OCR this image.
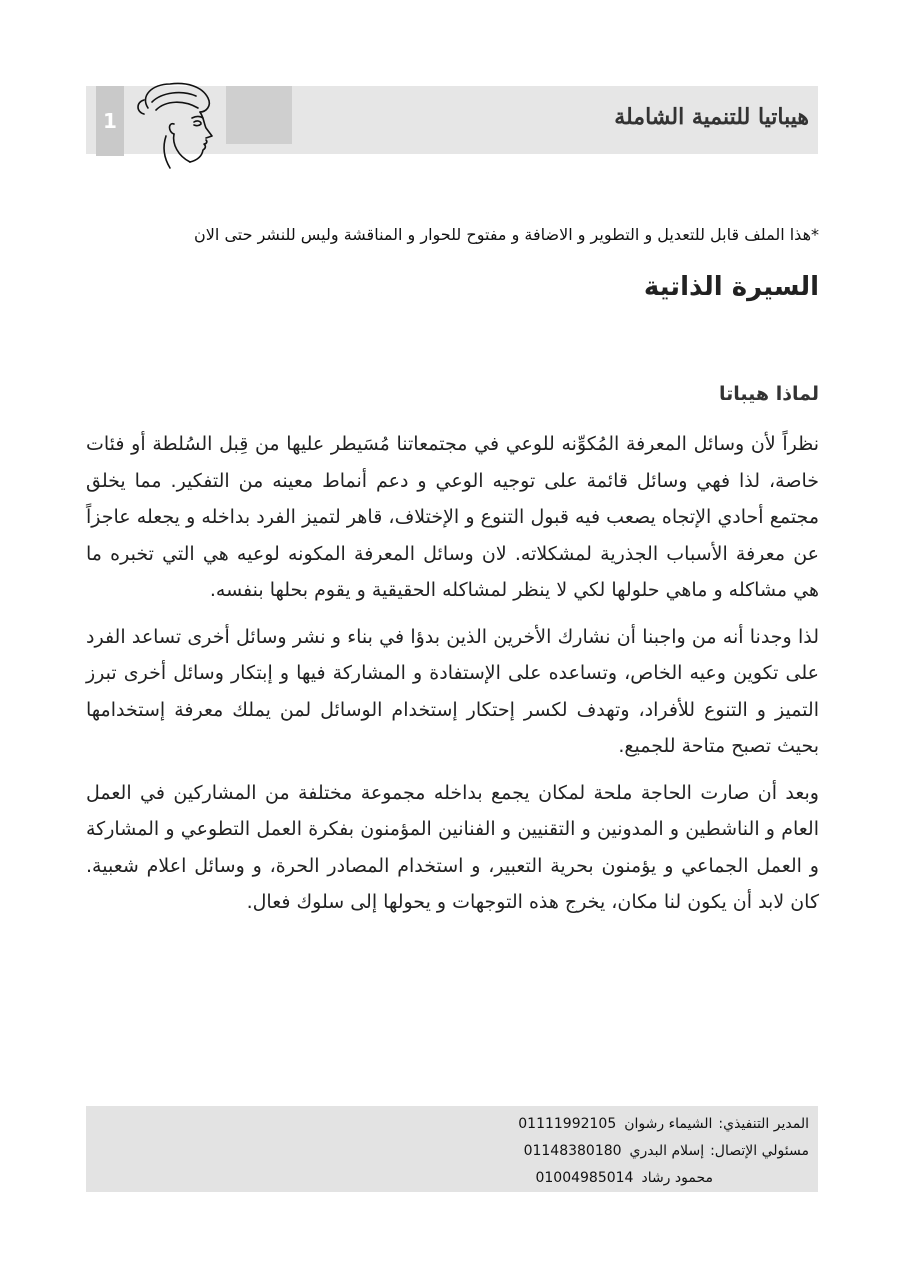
1	هيباتيا للتنمية الشاملة
*هذا الملف قابل للتعديل و التطوير و الاضافة و مفتوح للحوار و المناقشة وليس للنشر حتى الان
السيرة الذاتية
لماذا هيباتا

نظراً لأن وسائل المعرفة المُكوِّنه للوعي في مجتمعاتنا مُسَيطر عليها من قِبل السُلطة أو فئات خاصة، لذا فهي وسائل قائمة على توجيه الوعي و دعم أنماط معينه من التفكير. مما يخلق مجتمع أحادي الإتجاه يصعب فيه قبول التنوع و الإختلاف، قاهر لتميز الفرد بداخله و يجعله عاجزاً عن معرفة الأسباب الجذرية لمشكلاته. لان وسائل المعرفة المكونه لوعيه هي التي تخبره ما هي مشاكله و ماهي حلولها لكي لا ينظر لمشاكله الحقيقية و يقوم بحلها بنفسه.

لذا وجدنا أنه من واجبنا أن نشارك الأخرين الذين بدؤا في بناء و نشر وسائل أخرى تساعد الفرد على تكوين وعيه الخاص، وتساعده على الإستفادة و المشاركة فيها و إبتكار وسائل أخرى تبرز التميز و التنوع للأفراد، وتهدف لكسر إحتكار إستخدام الوسائل لمن يملك معرفة إستخدامها بحيث تصبح متاحة للجميع.

وبعد أن صارت الحاجة ملحة لمكان يجمع بداخله مجموعة مختلفة من المشاركين في العمل العام و الناشطين و المدونين و التقنيين و الفنانين المؤمنون بفكرة العمل التطوعي و المشاركة و العمل الجماعي و يؤمنون بحرية التعبير، و استخدام المصادر الحرة، و وسائل اعلام شعبية. كان لابد أن يكون لنا مكان، يخرج هذه التوجهات و يحولها إلى سلوك فعال.

المدير التنفيذي:
الشيماء رشوان
01111992105
مسئولي الإتصال:
إسلام البدري
01148380180
محمود رشاد
01004985014
